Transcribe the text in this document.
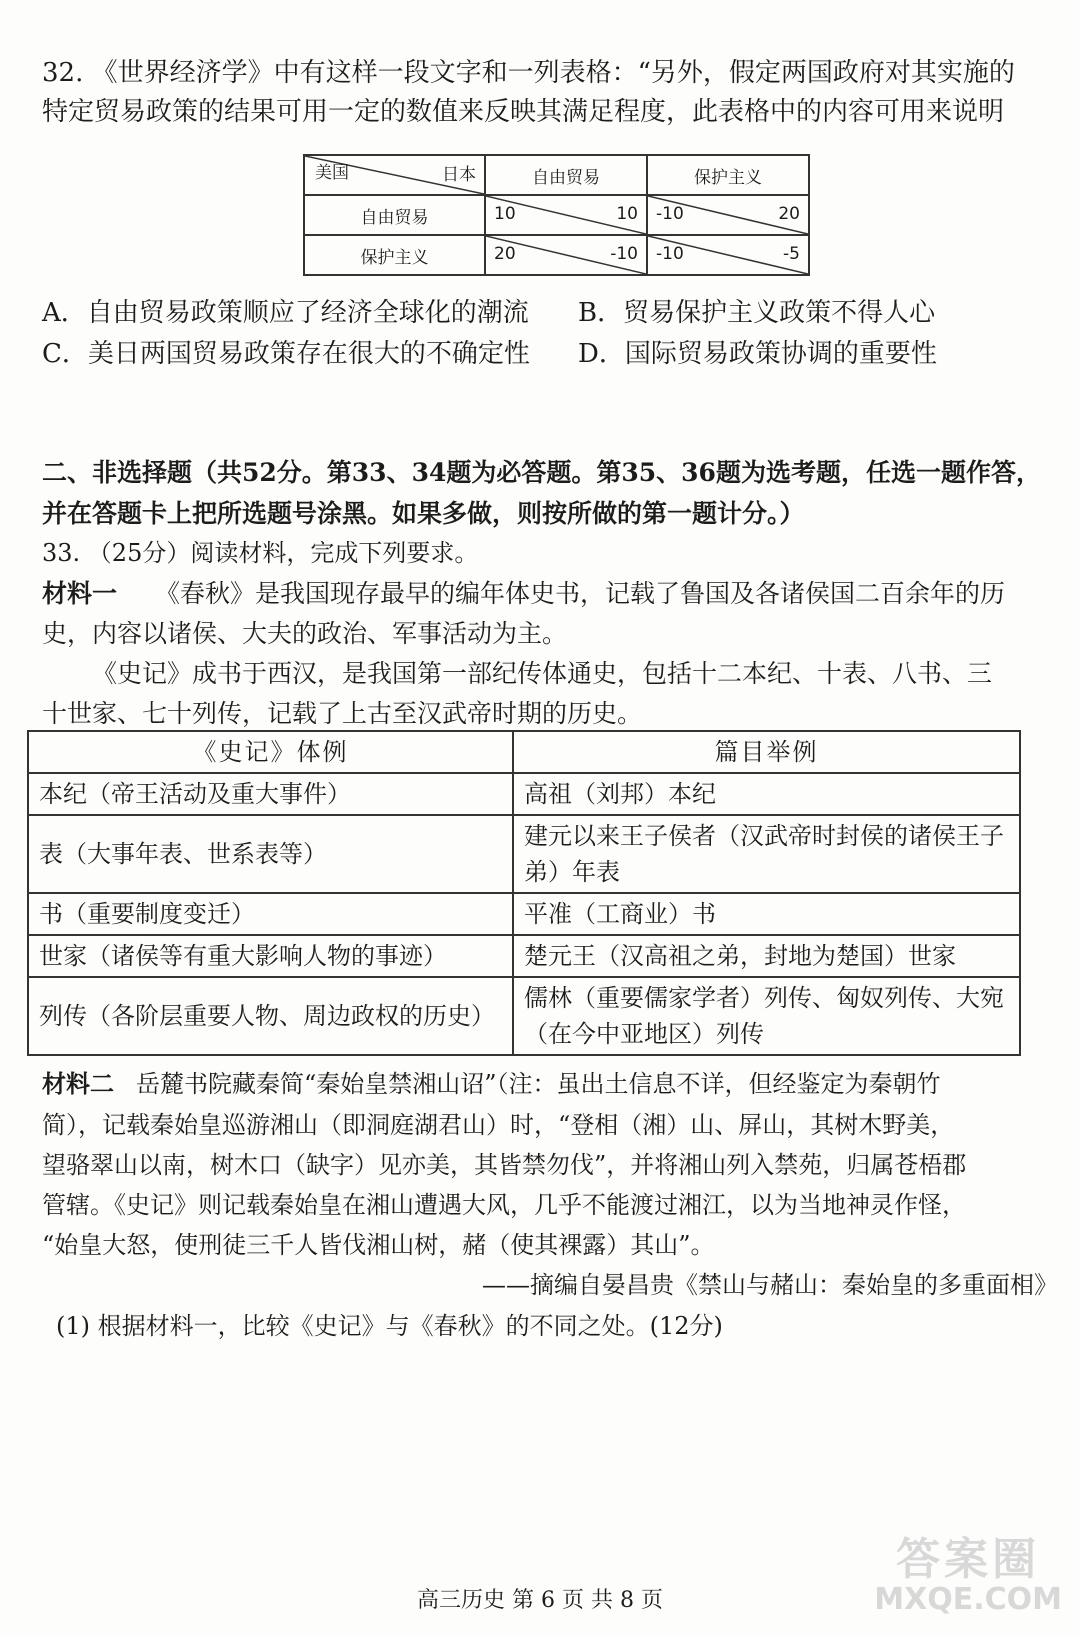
32. 《世界经济学》中有这样一段文字和一列表格：“另外，假定两国政府对其实施的
特定贸易政策的结果可用一定的数值来反映其满足程度，此表格中的内容可用来说明
日本
美国	自由贸易	保护主义
自由贸易	10 10	-10 20

保护主义	20 -10	-10 -5
A．自由贸易政策顺应了经济全球化的潮流 B．贸易保护主义政策不得人心
C．美日两国贸易政策存在很大的不确定性 D．国际贸易政策协调的重要性
二、非选择题（共52分。第33、34题为必答题。第35、36题为选考题，任选一题作答，
并在答题卡上把所选题号涂黑。如果多做，则按所做的第一题计分。）
33. （25分）阅读材料，完成下列要求。
材料一 《春秋》是我国现存最早的编年体史书，记载了鲁国及各诸侯国二百余年的历
史，内容以诸侯、大夫的政治、军事活动为主。
《史记》成书于西汉，是我国第一部纪传体通史，包括十二本纪、十表、八书、三
十世家、七十列传，记载了上古至汉武帝时期的历史。
《史记》体例	篇目举例
本纪（帝王活动及重大事件）	高祖（刘邦）本纪
表（大事年表、世系表等）	建元以来王子侯者（汉武帝时封侯的诸侯王子弟）年表
书（重要制度变迁）	平准（工商业）书
世家（诸侯等有重大影响人物的事迹）	楚元王（汉高祖之弟，封地为楚国）世家
列传（各阶层重要人物、周边政权的历史）	儒林（重要儒家学者）列传、匈奴列传、大宛（在今中亚地区）列传
材料二 岳麓书院藏秦简“秦始皇禁湘山诏”（注：虽出土信息不详，但经鉴定为秦朝竹
简），记载秦始皇巡游湘山（即洞庭湖君山）时，“登相（湘）山、屏山，其树木野美，
望骆翠山以南，树木口（缺字）见亦美，其皆禁勿伐”，并将湘山列入禁苑，归属苍梧郡
管辖。《史记》则记载秦始皇在湘山遭遇大风，几乎不能渡过湘江，以为当地神灵作怪，
“始皇大怒，使刑徒三千人皆伐湘山树，赭（使其裸露）其山”。
——摘编自晏昌贵《禁山与赭山：秦始皇的多重面相》
(1) 根据材料一，比较《史记》与《春秋》的不同之处。(12分)
高三历史 第 6 页 共 8 页
答案圈
MXQE.COM
